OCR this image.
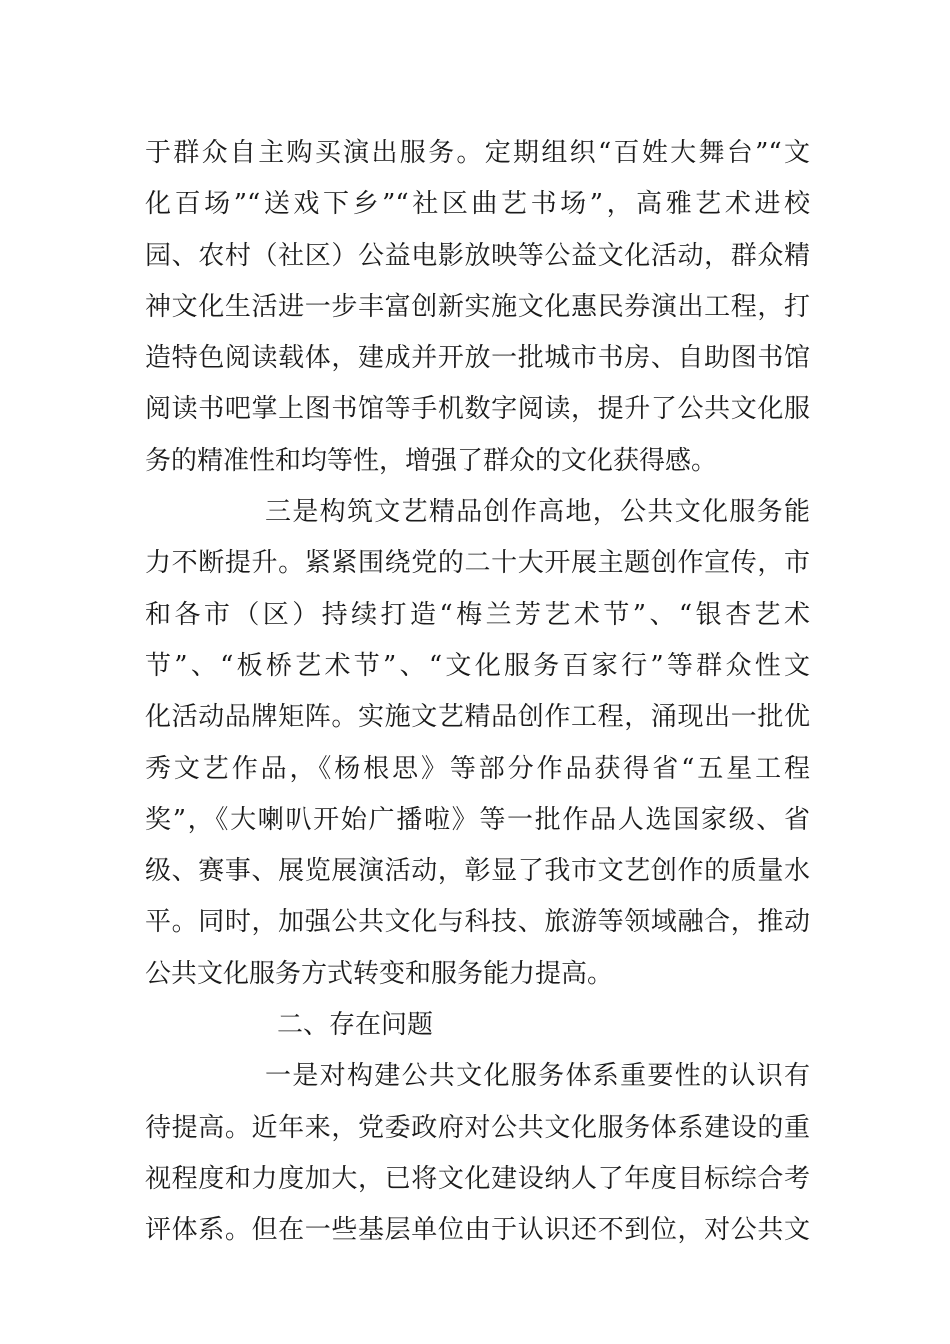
于群众自主购买演出服务。定期组织“百姓大舞台”“文
化百场”“送戏下乡”“社区曲艺书场”，高雅艺术进校
园、农村（社区）公益电影放映等公益文化活动，群众精
神文化生活进一步丰富创新实施文化惠民券演出工程，打
造特色阅读载体，建成并开放一批城市书房、自助图书馆
阅读书吧掌上图书馆等手机数字阅读，提升了公共文化服
务的精准性和均等性，增强了群众的文化获得感。
三是构筑文艺精品创作高地，公共文化服务能
力不断提升。紧紧围绕党的二十大开展主题创作宣传，市
和各市（区）持续打造“梅兰芳艺术节”、“银杏艺术
节”、“板桥艺术节”、“文化服务百家行”等群众性文
化活动品牌矩阵。实施文艺精品创作工程，涌现出一批优
秀文艺作品，《杨根思》等部分作品获得省“五星工程
奖”，《大喇叭开始广播啦》等一批作品人选国家级、省
级、赛事、展览展演活动，彰显了我市文艺创作的质量水
平。同时，加强公共文化与科技、旅游等领域融合，推动
公共文化服务方式转变和服务能力提高。
二、存在问题
一是对构建公共文化服务体系重要性的认识有
待提高。近年来，党委政府对公共文化服务体系建设的重
视程度和力度加大，已将文化建设纳人了年度目标综合考
评体系。但在一些基层单位由于认识还不到位，对公共文
